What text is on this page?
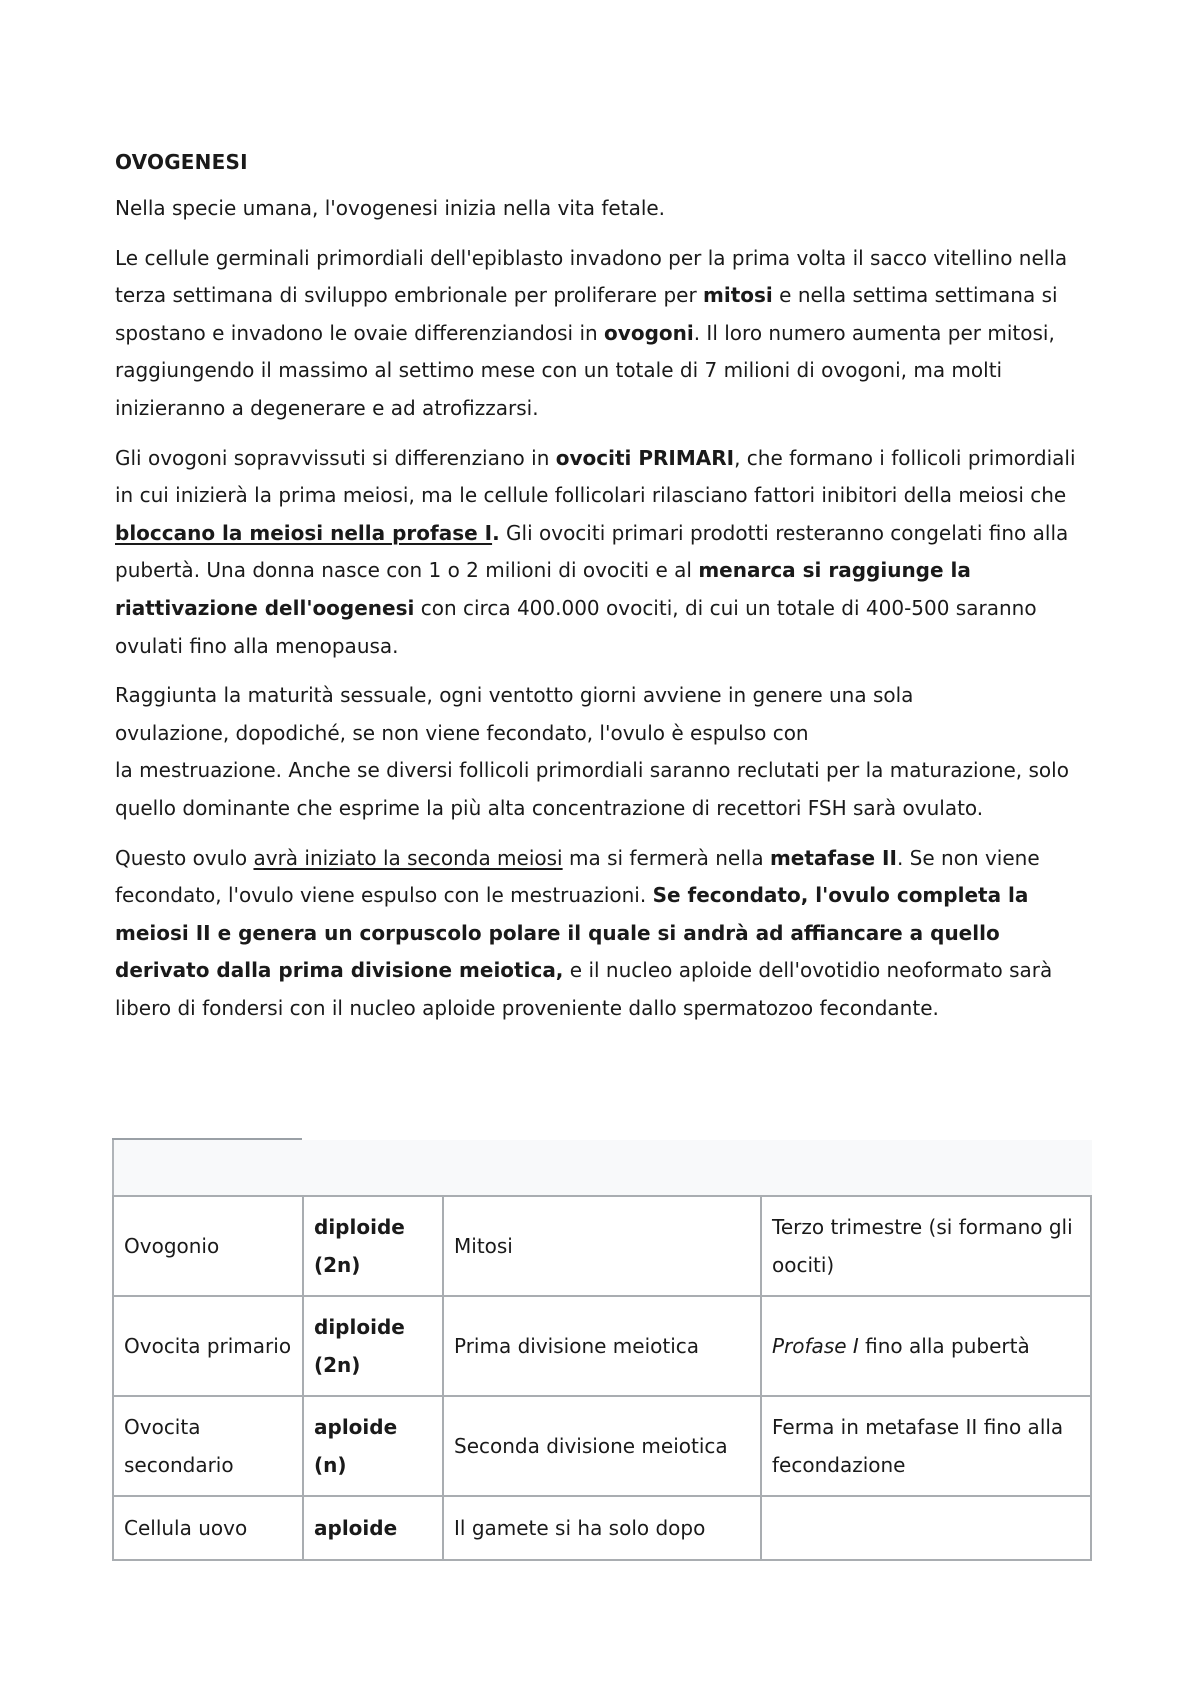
OVOGENESI

Nella specie umana, l'ovogenesi inizia nella vita fetale.

Le cellule germinali primordiali dell'epiblasto invadono per la prima volta il sacco vitellino nella terza settimana di sviluppo embrionale per proliferare per mitosi e nella settima settimana si spostano e invadono le ovaie differenziandosi in ovogoni. Il loro numero aumenta per mitosi, raggiungendo il massimo al settimo mese con un totale di 7 milioni di ovogoni, ma molti inizieranno a degenerare e ad atrofizzarsi.

Gli ovogoni sopravvissuti si differenziano in ovociti PRIMARI, che formano i follicoli primordiali in cui inizierà la prima meiosi, ma le cellule follicolari rilasciano fattori inibitori della meiosi che bloccano la meiosi nella profase I. Gli ovociti primari prodotti resteranno congelati fino alla pubertà. Una donna nasce con 1 o 2 milioni di ovociti e al menarca si raggiunge la riattivazione dell'oogenesi con circa 400.000 ovociti, di cui un totale di 400-500 saranno ovulati fino alla menopausa.

Raggiunta la maturità sessuale, ogni ventotto giorni avviene in genere una sola
ovulazione, dopodiché, se non viene fecondato, l'ovulo è espulso con
la mestruazione. Anche se diversi follicoli primordiali saranno reclutati per la maturazione, solo quello dominante che esprime la più alta concentrazione di recettori FSH sarà ovulato.

Questo ovulo avrà iniziato la seconda meiosi ma si fermerà nella metafase II. Se non viene fecondato, l'ovulo viene espulso con le mestruazioni. Se fecondato, l'ovulo completa la meiosi II e genera un corpuscolo polare il quale si andrà ad affiancare a quello derivato dalla prima divisione meiotica, e il nucleo aploide dell'ovotidio neoformato sarà libero di fondersi con il nucleo aploide proveniente dallo spermatozoo fecondante.

Ovogonio	diploide (2n)	Mitosi	Terzo trimestre (si formano gli oociti)
Ovocita primario	diploide (2n)	Prima divisione meiotica	Profase I fino alla pubertà
Ovocita secondario	aploide (n)	Seconda divisione meiotica	Ferma in metafase II fino alla fecondazione
Cellula uovo	aploide	Il gamete si ha solo dopo	
